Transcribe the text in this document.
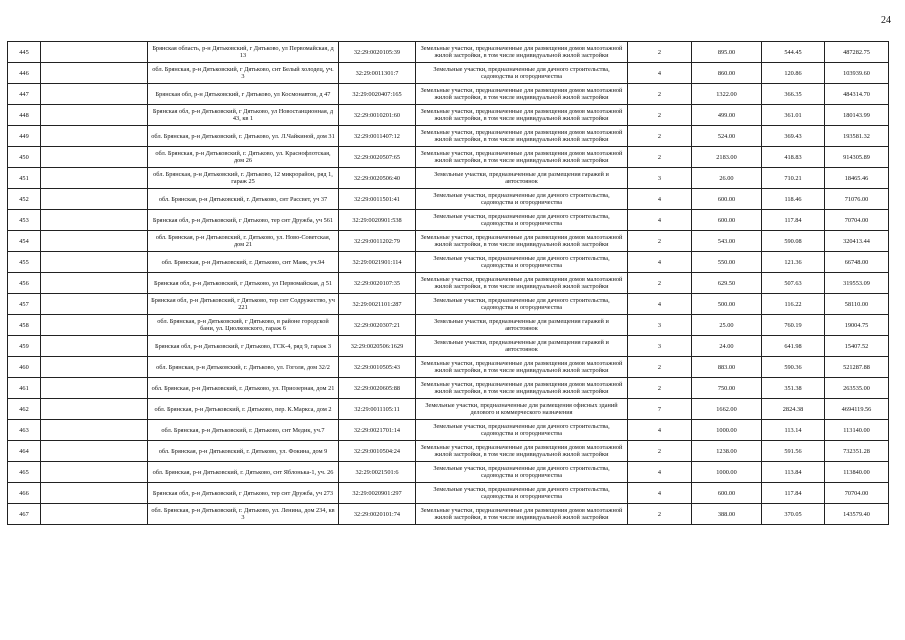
24
445		Брянская область, р-н Дятьковский, г Дятьково, ул Первомайская, д 13	32:29:0020105:39	Земельные участки, предназначенные для размещения домов малоэтажной жилой застройки, в том числе индивидуальной жилой застройки	2	895.00	544.45	487282.75
446		обл. Брянская, р-н Дятьковский, г Дятьково, снт Белый холодец, уч. 3	32:29:0011301:7	Земельные участки, предназначенные для дачного строительства, садоводства и огородничества	4	860.00	120.86	103939.60
447		Брянская обл, р-н Дятьковский, г Дятьково, ул Космонавтов, д 47	32:29:0020407:165	Земельные участки, предназначенные для размещения домов малоэтажной жилой застройки, в том числе индивидуальной жилой застройки	2	1322.00	366.35	484314.70
448		Брянская обл, р-н Дятьковский, г Дятьково, ул Новостанционная, д 43, кв 1	32:29:0010201:60	Земельные участки, предназначенные для размещения домов малоэтажной жилой застройки, в том числе индивидуальной жилой застройки	2	499.00	361.01	180143.99
449		обл. Брянская, р-н Дятьковский, г. Дятьково, ул. Л.Чайкиной, дом 31	32:29:0011407:12	Земельные участки, предназначенные для размещения домов малоэтажной жилой застройки, в том числе индивидуальной жилой застройки	2	524.00	369.43	193581.32
450		обл. Брянская, р-н Дятьковский, г. Дятьково, ул. Краснофлотская, дом 26	32:29:0020507:65	Земельные участки, предназначенные для размещения домов малоэтажной жилой застройки, в том числе индивидуальной жилой застройки	2	2183.00	418.83	914305.89
451		обл. Брянская, р-н Дятьковский, г. Дятьково, 12 микрорайон, ряд 1, гараж 25	32:29:0020506:40	Земельные участки, предназначенные для размещения гаражей и автостоянок	3	26.00	710.21	18465.46
452		обл. Брянская, р-н Дятьковский, г. Дятьково, снт Рассвет, уч 37	32:29:0011501:41	Земельные участки, предназначенные для дачного строительства, садоводства и огородничества	4	600.00	118.46	71076.00
453		Брянская обл, р-н Дятьковский, г Дятьково, тер снт Дружба, уч 561	32:29:0020901:538	Земельные участки, предназначенные для дачного строительства, садоводства и огородничества	4	600.00	117.84	70704.00
454		обл. Брянская, р-н Дятьковский, г. Дятьково, ул. Ново-Советская, дом 21	32:29:0011202:79	Земельные участки, предназначенные для размещения домов малоэтажной жилой застройки, в том числе индивидуальной жилой застройки	2	543.00	590.08	320413.44
455		обл. Брянская, р-н Дятьковский, г. Дятьково, снт Маяк, уч.94	32:29:0021901:114	Земельные участки, предназначенные для дачного строительства, садоводства и огородничества	4	550.00	121.36	66748.00
456		Брянская обл, р-н Дятьковский, г Дятьково, ул Первомайская, д 51	32:29:0020107:35	Земельные участки, предназначенные для размещения домов малоэтажной жилой застройки, в том числе индивидуальной жилой застройки	2	629.50	507.63	319553.09
457		Брянская обл, р-н Дятьковский, г Дятьково, тер снт Содружество, уч 221	32:29:0021101:287	Земельные участки, предназначенные для дачного строительства, садоводства и огородничества	4	500.00	116.22	58110.00
458		обл. Брянская, р-н Дятьковский, г Дятьково, в районе городской бани, ул. Циолковского, гараж 6	32:29:0020307:21	Земельные участки, предназначенные для размещения гаражей и автостоянок	3	25.00	760.19	19004.75
459		Брянская обл, р-н Дятьковский, г Дятьково, ГСК-4, ряд 9, гараж 3	32:29:0020506:1629	Земельные участки, предназначенные для размещения гаражей и автостоянок	3	24.00	641.98	15407.52
460		обл. Брянская, р-н Дятьковский, г. Дятьково, ул. Гоголя, дом 32/2	32:29:0010505:43	Земельные участки, предназначенные для размещения домов малоэтажной жилой застройки, в том числе индивидуальной жилой застройки	2	883.00	590.36	521287.88
461		обл. Брянская, р-н Дятьковский, г. Дятьково, ул. Приозерная, дом 21	32:29:0020605:88	Земельные участки, предназначенные для размещения домов малоэтажной жилой застройки, в том числе индивидуальной жилой застройки	2	750.00	351.38	263535.00
462		обл. Брянская, р-н Дятьковский, г. Дятьково, пер. К.Маркса, дом 2	32:29:0011105:11	Земельные участки, предназначенные для размещения офисных зданий делового и коммерческого назначения	7	1662.00	2824.38	4694119.56
463		обл. Брянская, р-н Дятьковский, г. Дятьково, снт Медик, уч.7	32:29:0021701:14	Земельные участки, предназначенные для дачного строительства, садоводства и огородничества	4	1000.00	113.14	113140.00
464		обл. Брянская, р-н Дятьковский, г. Дятьково, ул. Фокина, дом 9	32:29:0010504:24	Земельные участки, предназначенные для размещения домов малоэтажной жилой застройки, в том числе индивидуальной жилой застройки	2	1238.00	591.56	732351.28
465		обл. Брянская, р-н Дятьковский, г. Дятьково, снт Яблонька-1, уч. 26	32:29:0021501:6	Земельные участки, предназначенные для дачного строительства, садоводства и огородничества	4	1000.00	113.84	113840.00
466		Брянская обл, р-н Дятьковский, г Дятьково, тер снт Дружба, уч 273	32:29:0020901:297	Земельные участки, предназначенные для дачного строительства, садоводства и огородничества	4	600.00	117.84	70704.00
467		обл. Брянская, р-н Дятьковский, г. Дятьково, ул. Ленина, дом 234, кв 3	32:29:0020101:74	Земельные участки, предназначенные для размещения домов малоэтажной жилой застройки, в том числе индивидуальной жилой застройки	2	388.00	370.05	143579.40
